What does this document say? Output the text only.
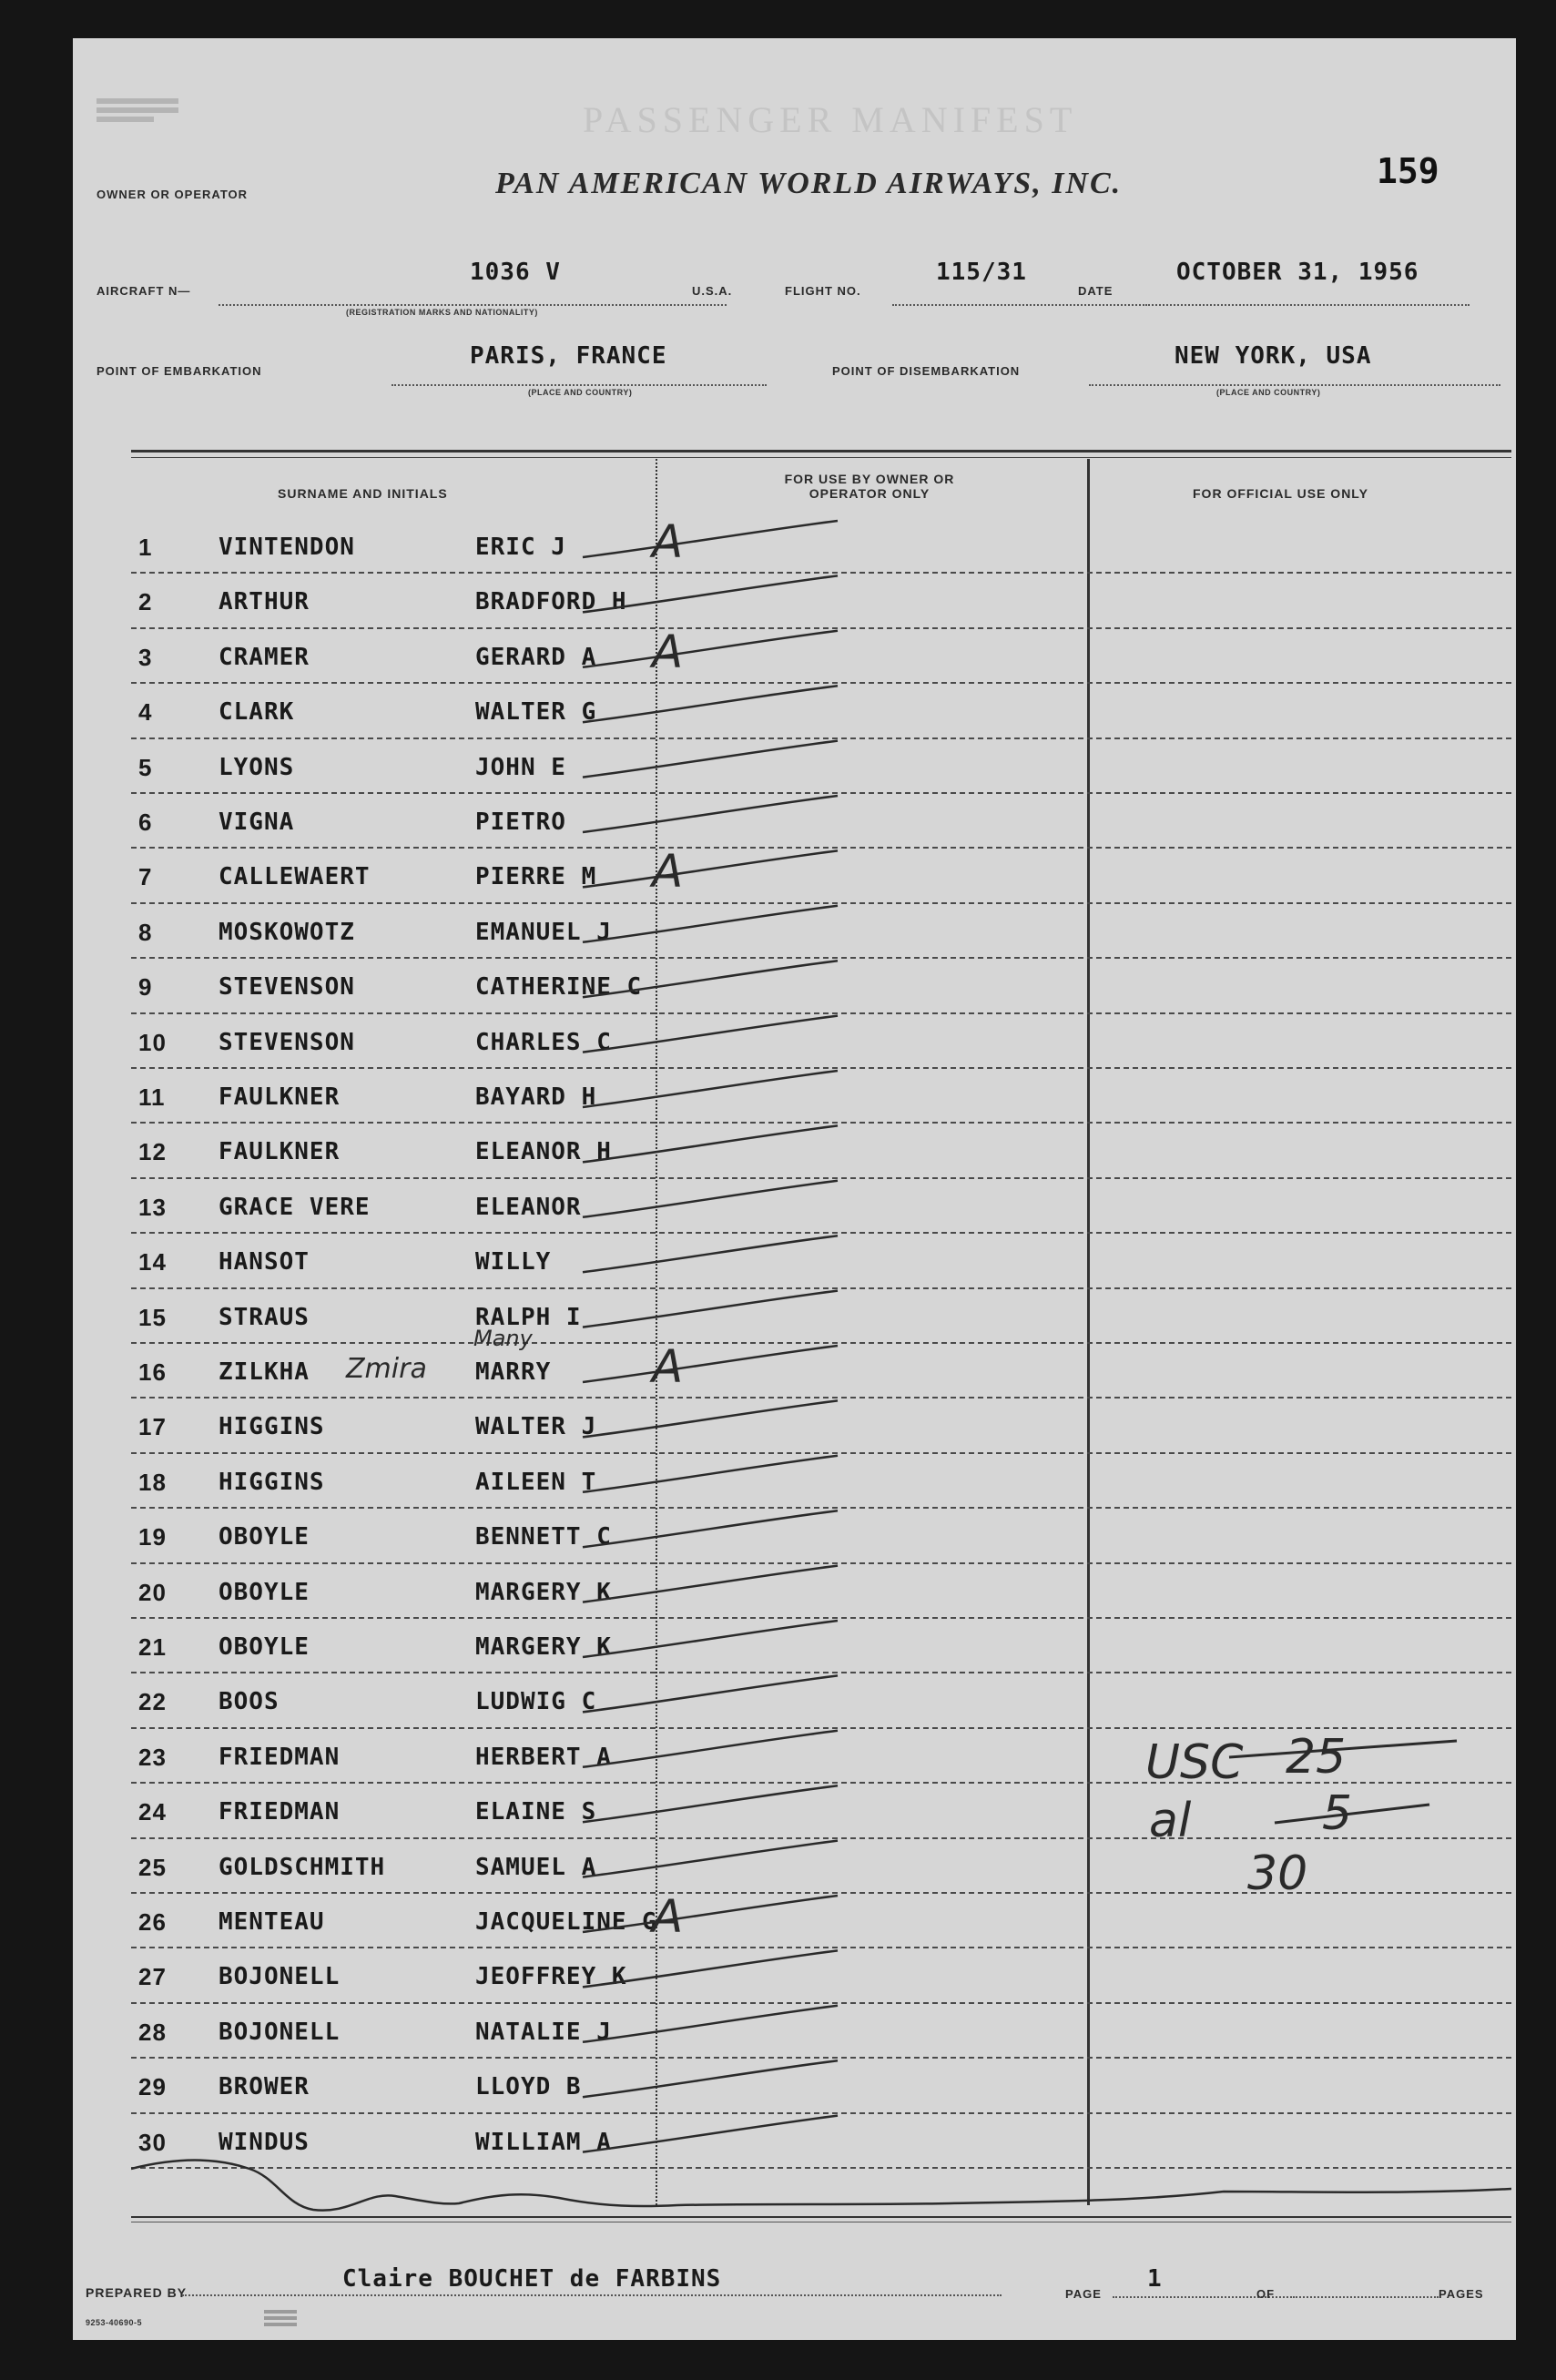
PASSENGER MANIFEST
159
OWNER OR OPERATOR	PAN AMERICAN WORLD AIRWAYS, INC.
AIRCRAFT N—
1036 V
(REGISTRATION MARKS AND NATIONALITY)
U.S.A.	FLIGHT NO.
115/31
DATE
OCTOBER 31, 1956
POINT OF EMBARKATION
PARIS, FRANCE
(PLACE AND COUNTRY)
POINT OF DISEMBARKATION
NEW YORK, USA
(PLACE AND COUNTRY)
SURNAME AND INITIALS
FOR USE BY OWNER OR OPERATOR ONLY	FOR OFFICIAL USE ONLY
1	VINTENDON	ERIC J A
2	ARTHUR	BRADFORD H
3	CRAMER	GERARD A A
4	CLARK	WALTER G
5	LYONS	JOHN E
6	VIGNA	PIETRO
7	CALLEWAERT	PIERRE M A
8	MOSKOWOTZ	EMANUEL J
9	STEVENSON	CATHERINE C
10	STEVENSON	CHARLES C
11	FAULKNER	BAYARD H
12	FAULKNER	ELEANOR H
13	GRACE VERE	ELEANOR
14	HANSOT	WILLY
15	STRAUS	RALPH I
16	ZILKHA	MARRY A
Zmira
Many
17	HIGGINS	WALTER J
18	HIGGINS	AILEEN T
19	OBOYLE	BENNETT C
20	OBOYLE	MARGERY K
21	OBOYLE	MARGERY K
22	BOOS	LUDWIG C
23	FRIEDMAN	HERBERT A
24	FRIEDMAN	ELAINE S
25	GOLDSCHMITH	SAMUEL A
26	MENTEAU	JACQUELINE G
A
27	BOJONELL	JEOFFREY K
28	BOJONELL	NATALIE J
29	BROWER	LLOYD B
30	WINDUS	WILLIAM A
USC 25
al	5
30
PREPARED BY	Claire BOUCHET de FARBINS
PAGE
1
OF	PAGES
9253-40690-5
